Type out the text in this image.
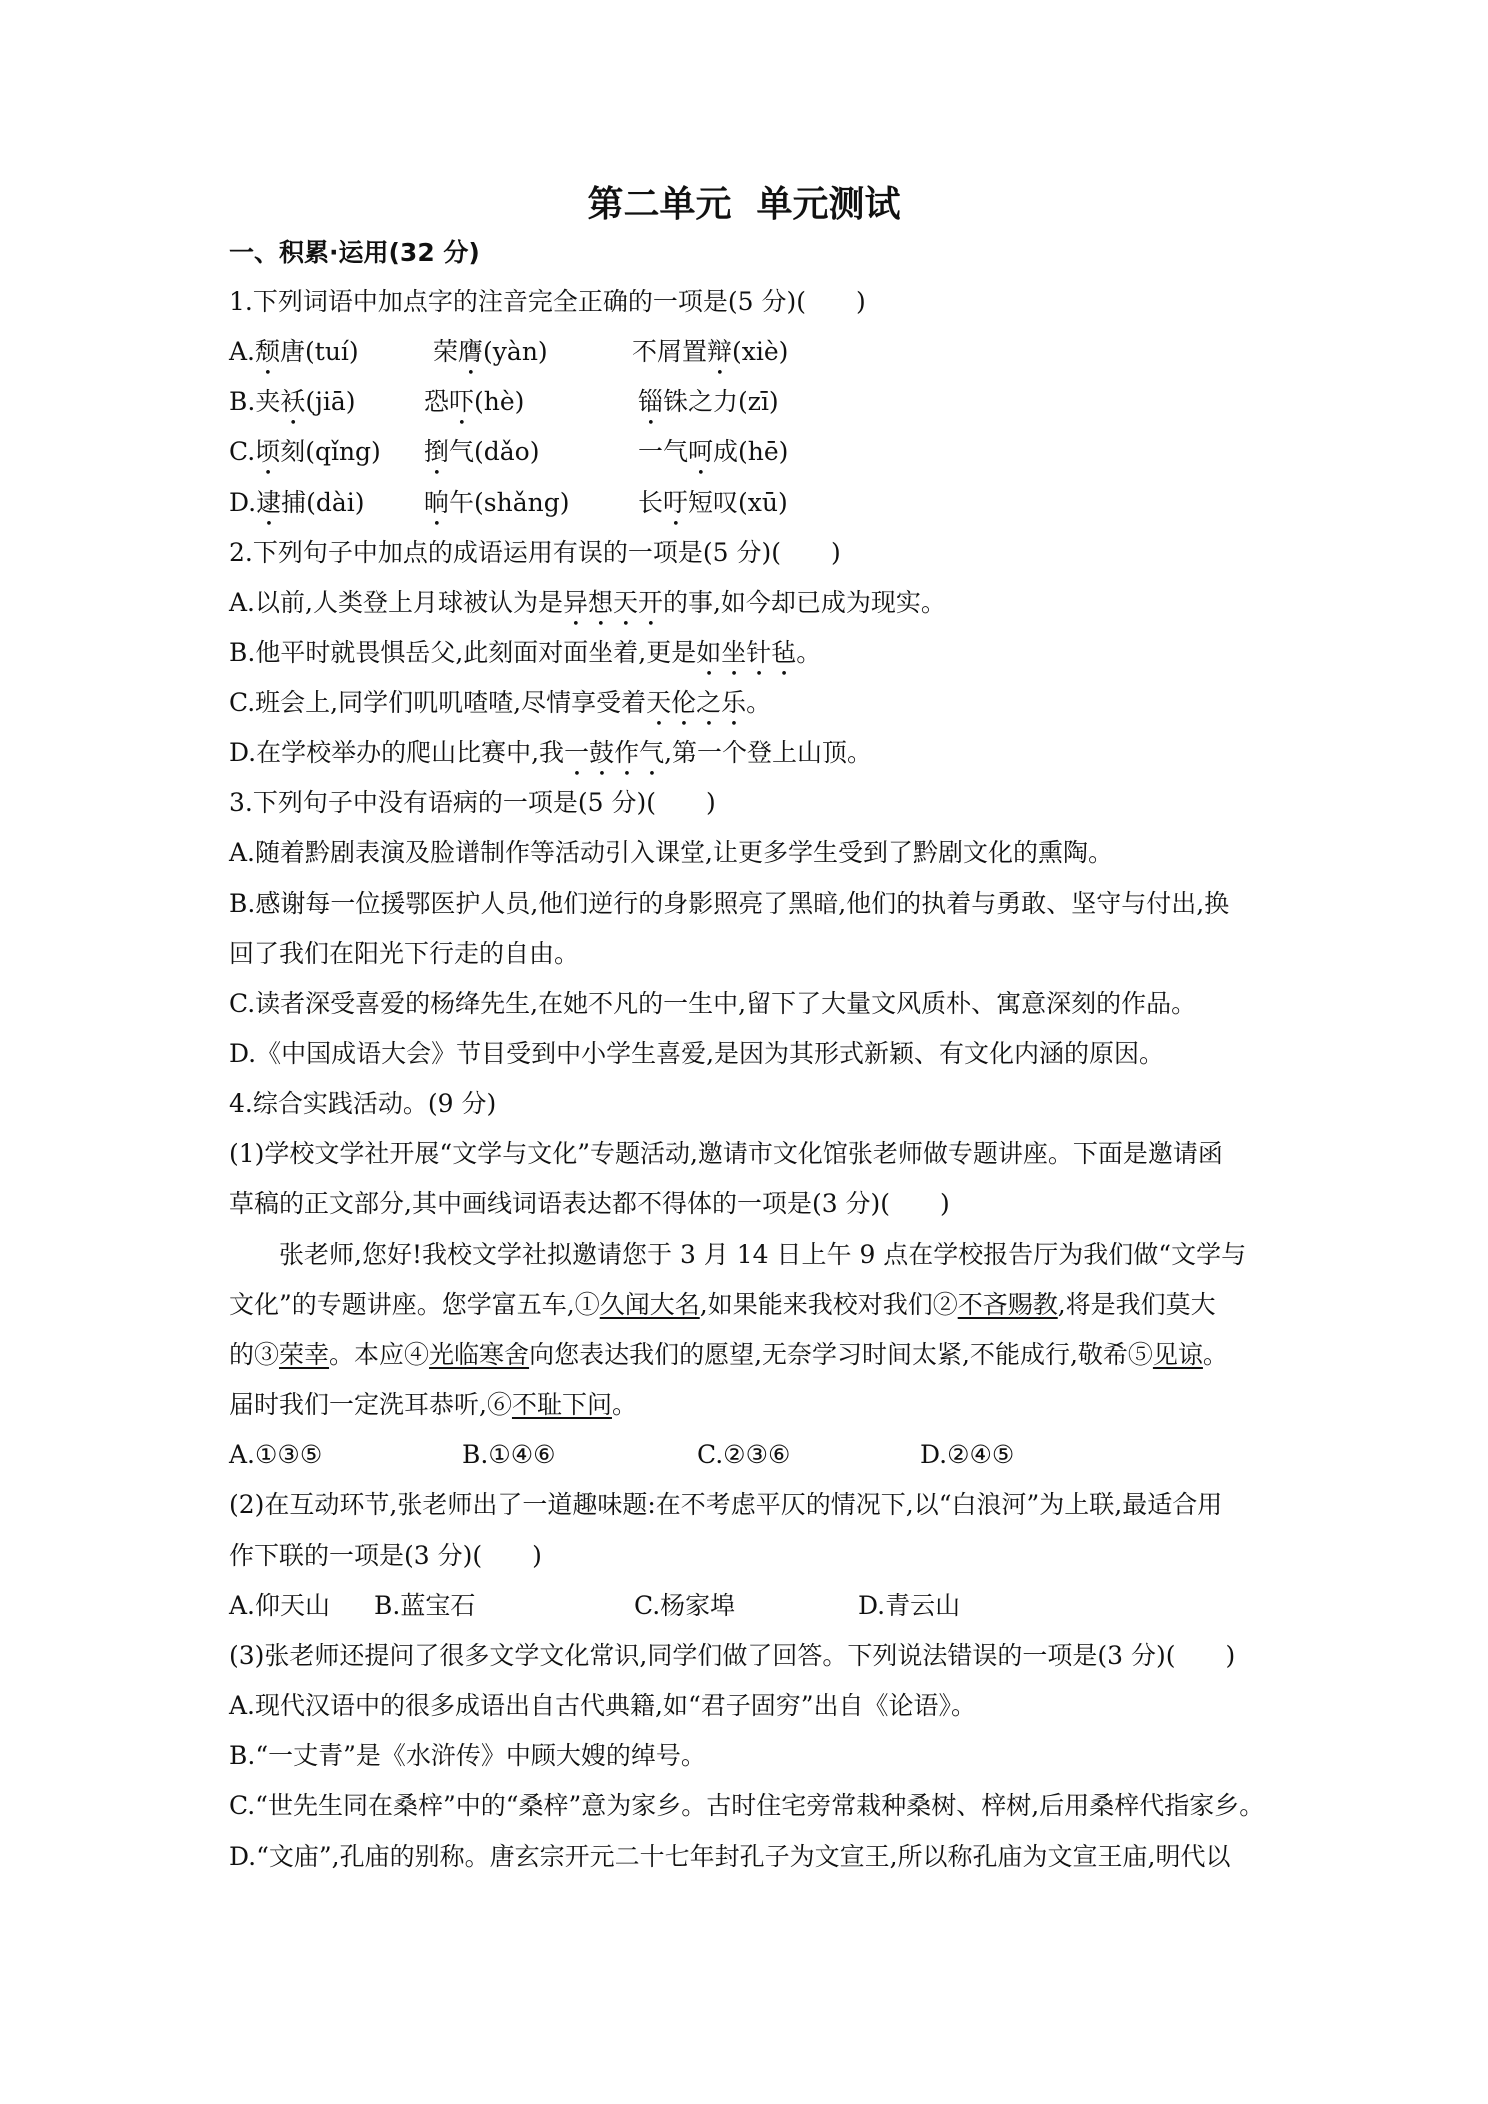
第二单元  单元测试
一、积累·运用(32 分)
1.下列词语中加点字的注音完全正确的一项是(5 分)(　　)
A.颓唐(tuí)	荣膺(yàn)	不屑置辩(xiè)
B.夹袄(jiā)	恐吓(hè)	锱铢之力(zī)
C.顷刻(qǐng) 捯气(dǎo)	一气呵成(hē)
D.逮捕(dài) 晌午(shǎng)	长吁短叹(xū)
2.下列句子中加点的成语运用有误的一项是(5 分)(　　)
A.以前,人类登上月球被认为是异想天开的事,如今却已成为现实。
B.他平时就畏惧岳父,此刻面对面坐着,更是如坐针毡。
C.班会上,同学们叽叽喳喳,尽情享受着天伦之乐。
D.在学校举办的爬山比赛中,我一鼓作气,第一个登上山顶。
3.下列句子中没有语病的一项是(5 分)(　　)
A.随着黔剧表演及脸谱制作等活动引入课堂,让更多学生受到了黔剧文化的熏陶。
B.感谢每一位援鄂医护人员,他们逆行的身影照亮了黑暗,他们的执着与勇敢、坚守与付出,换
回了我们在阳光下行走的自由。
C.读者深受喜爱的杨绛先生,在她不凡的一生中,留下了大量文风质朴、寓意深刻的作品。
D.《中国成语大会》节目受到中小学生喜爱,是因为其形式新颖、有文化内涵的原因。
4.综合实践活动。(9 分)
(1)学校文学社开展“文学与文化”专题活动,邀请市文化馆张老师做专题讲座。下面是邀请函
草稿的正文部分,其中画线词语表达都不得体的一项是(3 分)(　　)
张老师,您好!我校文学社拟邀请您于 3 月 14 日上午 9 点在学校报告厅为我们做“文学与
文化”的专题讲座。您学富五车,①久闻大名,如果能来我校对我们②不吝赐教,将是我们莫大
的③荣幸。本应④光临寒舍向您表达我们的愿望,无奈学习时间太紧,不能成行,敬希⑤见谅。
届时我们一定洗耳恭听,⑥不耻下问。
A.①③⑤	B.①④⑥	C.②③⑥	D.②④⑤
(2)在互动环节,张老师出了一道趣味题:在不考虑平仄的情况下,以“白浪河”为上联,最适合用
作下联的一项是(3 分)(　　)
A.仰天山 B.蓝宝石	C.杨家埠	D.青云山
(3)张老师还提问了很多文学文化常识,同学们做了回答。下列说法错误的一项是(3 分)(　　)
A.现代汉语中的很多成语出自古代典籍,如“君子固穷”出自《论语》。
B.“一丈青”是《水浒传》中顾大嫂的绰号。
C.“世先生同在桑梓”中的“桑梓”意为家乡。古时住宅旁常栽种桑树、梓树,后用桑梓代指家乡。
D.“文庙”,孔庙的别称。唐玄宗开元二十七年封孔子为文宣王,所以称孔庙为文宣王庙,明代以
